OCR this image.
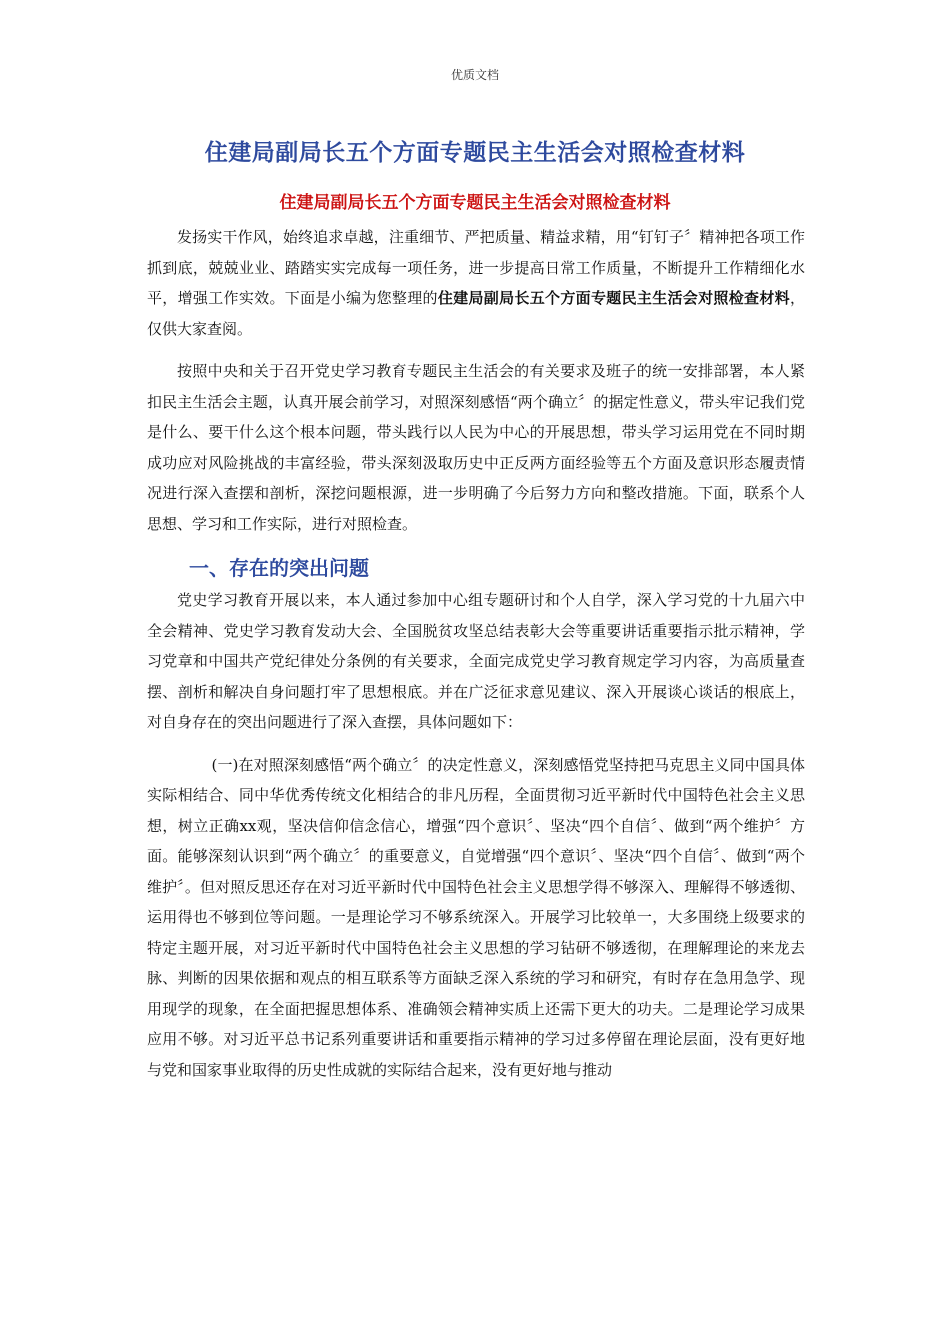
优质文档
住建局副局长五个方面专题民主生活会对照检查材料
住建局副局长五个方面专题民主生活会对照检查材料

发扬实干作风，始终追求卓越，注重细节、严把质量、精益求精，用“钉钉子〞精神把各项工作抓到底，兢兢业业、踏踏实实完成每一项任务，进一步提高日常工作质量，不断提升工作精细化水平，增强工作实效。下面是小编为您整理的住建局副局长五个方面专题民主生活会对照检查材料，仅供大家查阅。

按照中央和关于召开党史学习教育专题民主生活会的有关要求及班子的统一安排部署，本人紧扣民主生活会主题，认真开展会前学习，对照深刻感悟“两个确立〞的据定性意义，带头牢记我们党是什么、要干什么这个根本问题，带头践行以人民为中心的开展思想，带头学习运用党在不同时期成功应对风险挑战的丰富经验，带头深刻汲取历史中正反两方面经验等五个方面及意识形态履责情况进行深入查摆和剖析，深挖问题根源，进一步明确了今后努力方向和整改措施。下面，联系个人思想、学习和工作实际，进行对照检查。

一、存在的突出问题

党史学习教育开展以来，本人通过参加中心组专题研讨和个人自学，深入学习党的十九届六中全会精神、党史学习教育发动大会、全国脱贫攻坚总结表彰大会等重要讲话重要指示批示精神，学习党章和中国共产党纪律处分条例的有关要求，全面完成党史学习教育规定学习内容，为高质量查摆、剖析和解决自身问题打牢了思想根底。并在广泛征求意见建议、深入开展谈心谈话的根底上，对自身存在的突出问题进行了深入查摆，具体问题如下：

(一)在对照深刻感悟“两个确立〞的决定性意义，深刻感悟党坚持把马克思主义同中国具体实际相结合、同中华优秀传统文化相结合的非凡历程，全面贯彻习近平新时代中国特色社会主义思想，树立正确xx观，坚决信仰信念信心，增强“四个意识〞、坚决“四个自信〞、做到“两个维护〞方面。能够深刻认识到“两个确立〞的重要意义，自觉增强“四个意识〞、坚决“四个自信〞、做到“两个维护〞。但对照反思还存在对习近平新时代中国特色社会主义思想学得不够深入、理解得不够透彻、运用得也不够到位等问题。一是理论学习不够系统深入。开展学习比较单一，大多围绕上级要求的特定主题开展，对习近平新时代中国特色社会主义思想的学习钻研不够透彻，在理解理论的来龙去脉、判断的因果依据和观点的相互联系等方面缺乏深入系统的学习和研究，有时存在急用急学、现用现学的现象，在全面把握思想体系、准确领会精神实质上还需下更大的功夫。二是理论学习成果应用不够。对习近平总书记系列重要讲话和重要指示精神的学习过多停留在理论层面，没有更好地与党和国家事业取得的历史性成就的实际结合起来，没有更好地与推动
